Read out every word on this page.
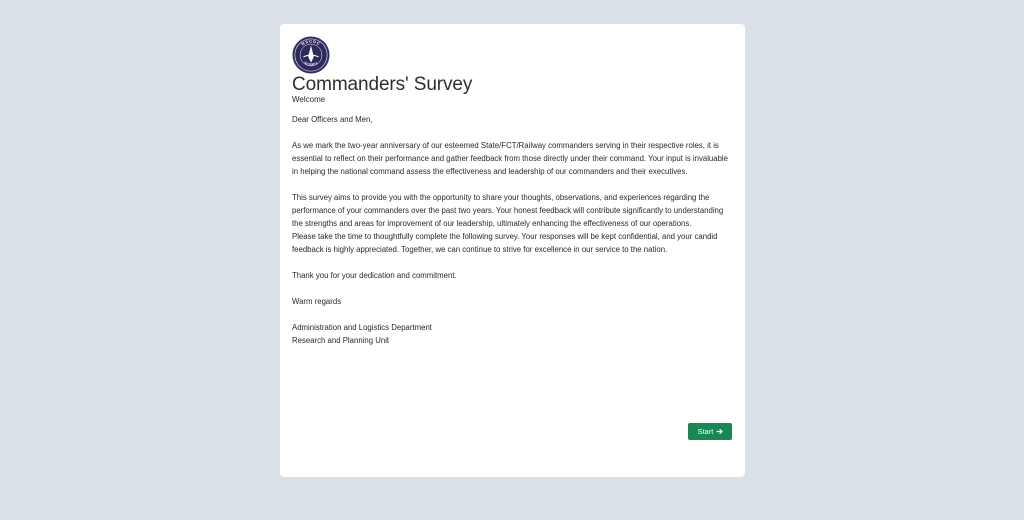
NSCDC
NIGERIA
Commanders' Survey
Welcome

Dear Officers and Men,

As we mark the two-year anniversary of our esteemed State/FCT/Railway commanders serving in their respective roles, it is essential to reflect on their performance and gather feedback from those directly under their command. Your input is invaluable in helping the national command assess the effectiveness and leadership of our commanders and their executives.

This survey aims to provide you with the opportunity to share your thoughts, observations, and experiences regarding the performance of your commanders over the past two years. Your honest feedback will contribute significantly to understanding the strengths and areas for improvement of our leadership, ultimately enhancing the effectiveness of our operations.

Please take the time to thoughtfully complete the following survey. Your responses will be kept confidential, and your candid feedback is highly appreciated. Together, we can continue to strive for excellence in our service to the nation.

Thank you for your dedication and commitment.

Warm regards

Administration and Logistics Department

Research and Planning Unit

Start ➔
